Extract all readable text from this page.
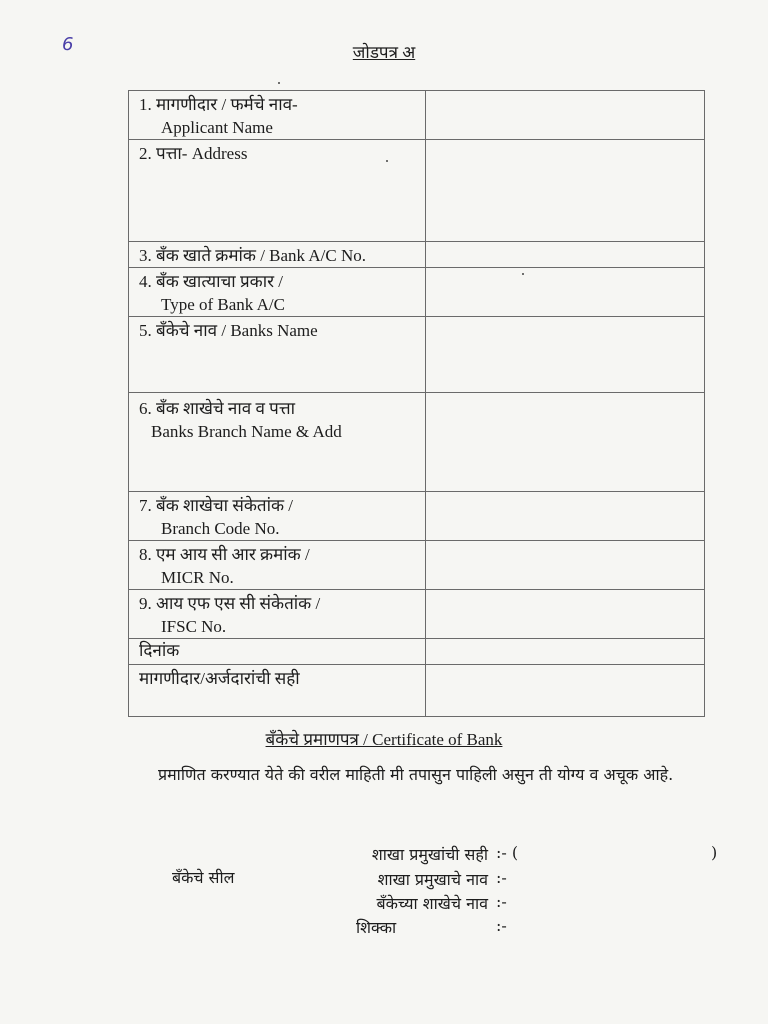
6	जोडपत्र अ
1. मागणीदार / फर्मचे नाव-
Applicant Name	

2. पत्ता- Address	
3. बँक खाते क्रमांक / Bank A/C No.	
4. बँक खात्याचा प्रकार /
Type of Bank A/C	

5. बँकेचे नाव / Banks Name	
6. बँक शाखेचे नाव व पत्ता
Banks Branch Name & Add	

7. बँक शाखेचा संकेतांक /
Branch Code No.	

8. एम आय सी आर क्रमांक /
MICR No.	

9. आय एफ एस सी संकेतांक /
IFSC No.	

दिनांक	
मागणीदार/अर्जदारांची सही	
बँकेचे प्रमाणपत्र / Certificate of Bank
प्रमाणित करण्यात येते की वरील माहिती मी तपासुन पाहिली असुन ती योग्य व अचूक आहे.
बँकेचे सील
शाखा प्रमुखांची सही :- (	)
शाखा प्रमुखाचे नाव :-
बँकेच्या शाखेचे नाव :-
शिक्का	:-
